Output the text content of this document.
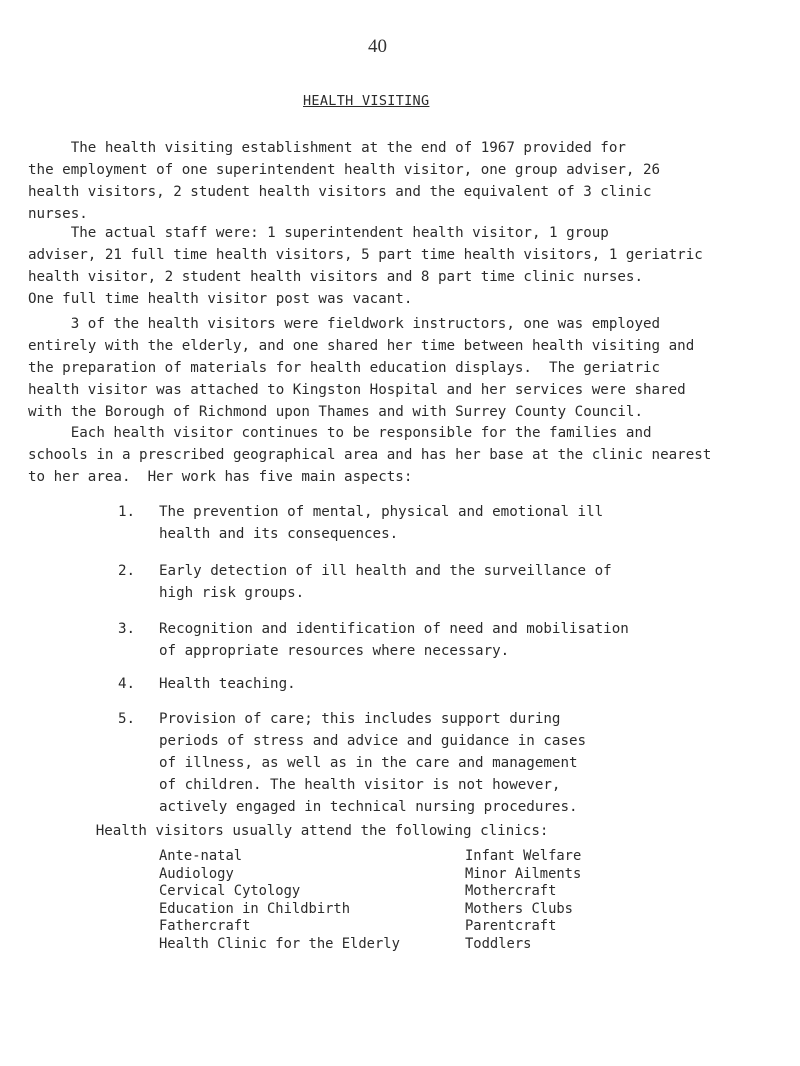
40
HEALTH VISITING
The health visiting establishment at the end of 1967 provided for
the employment of one superintendent health visitor, one group adviser, 26
health visitors, 2 student health visitors and the equivalent of 3 clinic
nurses.
The actual staff were: 1 superintendent health visitor, 1 group
adviser, 21 full time health visitors, 5 part time health visitors, 1 geriatric
health visitor, 2 student health visitors and 8 part time clinic nurses.
One full time health visitor post was vacant.
3 of the health visitors were fieldwork instructors, one was employed
entirely with the elderly, and one shared her time between health visiting and
the preparation of materials for health education displays.  The geriatric
health visitor was attached to Kingston Hospital and her services were shared
with the Borough of Richmond upon Thames and with Surrey County Council.
Each health visitor continues to be responsible for the families and
schools in a prescribed geographical area and has her base at the clinic nearest
to her area.  Her work has five main aspects:
1. The prevention of mental, physical and emotional ill
health and its consequences.
2. Early detection of ill health and the surveillance of
high risk groups.
3. Recognition and identification of need and mobilisation
of appropriate resources where necessary.
4. Health teaching.
5. Provision of care; this includes support during
periods of stress and advice and guidance in cases
of illness, as well as in the care and management
of children. The health visitor is not however,
actively engaged in technical nursing procedures.
Health visitors usually attend the following clinics:
Ante-natal
Audiology
Cervical Cytology
Education in Childbirth
Fathercraft
Health Clinic for the Elderly
Infant Welfare
Minor Ailments
Mothercraft
Mothers Clubs
Parentcraft
Toddlers
